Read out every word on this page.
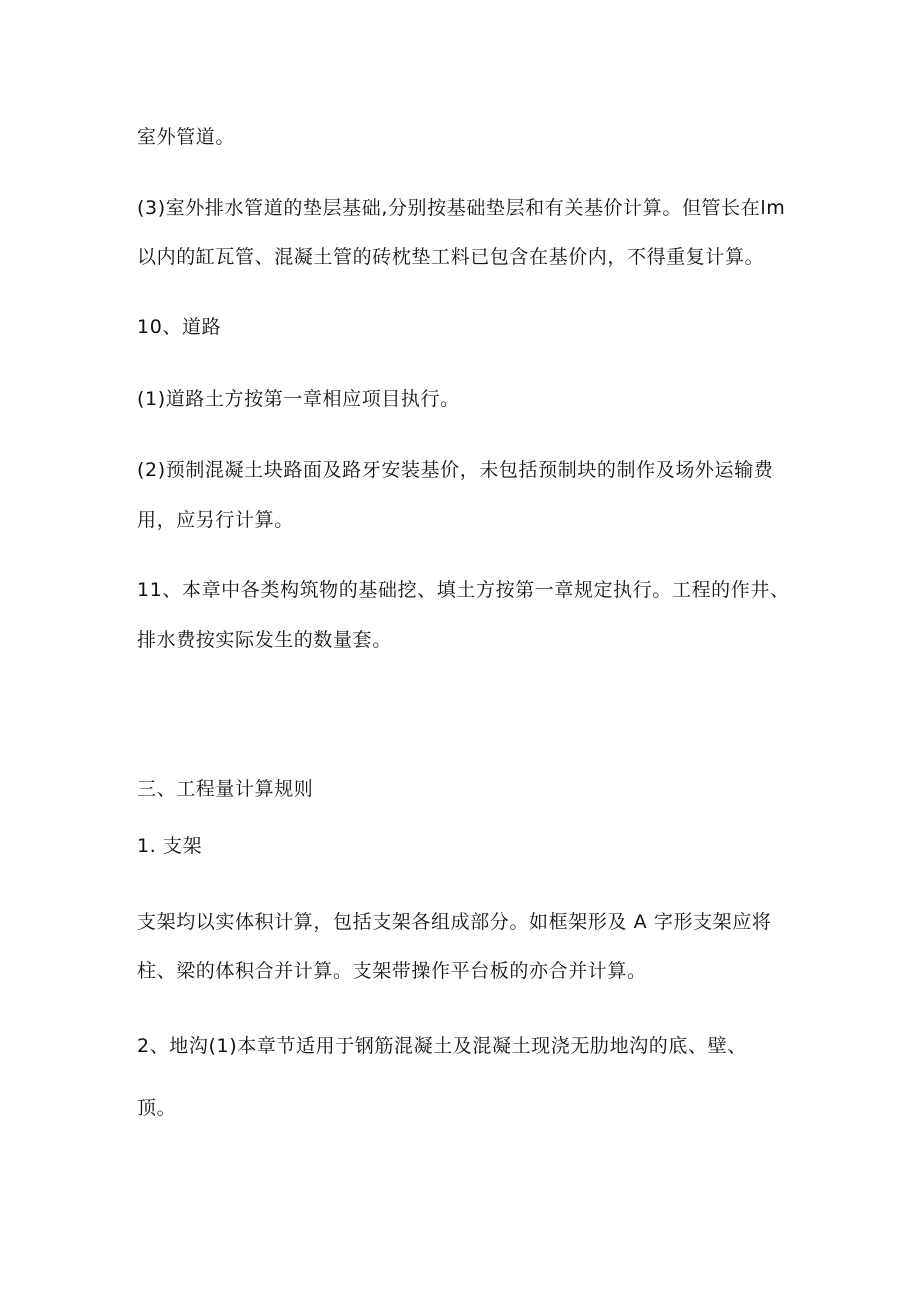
室外管道。
(3)室外排水管道的垫层基础,分别按基础垫层和有关基价计算。但管长在lm
以内的缸瓦管、混凝土管的砖枕垫工料已包含在基价内，不得重复计算。
10、道路
(1)道路土方按第一章相应项目执行。
(2)预制混凝土块路面及路牙安装基价，未包括预制块的制作及场外运输费
用，应另行计算。
11、本章中各类构筑物的基础挖、填土方按第一章规定执行。工程的作井、
排水费按实际发生的数量套。
三、工程量计算规则
1. 支架
支架均以实体积计算，包括支架各组成部分。如框架形及 A 字形支架应将
柱、梁的体积合并计算。支架带操作平台板的亦合并计算。
2、地沟(1)本章节适用于钢筋混凝土及混凝土现浇无肋地沟的底、壁、
顶。
